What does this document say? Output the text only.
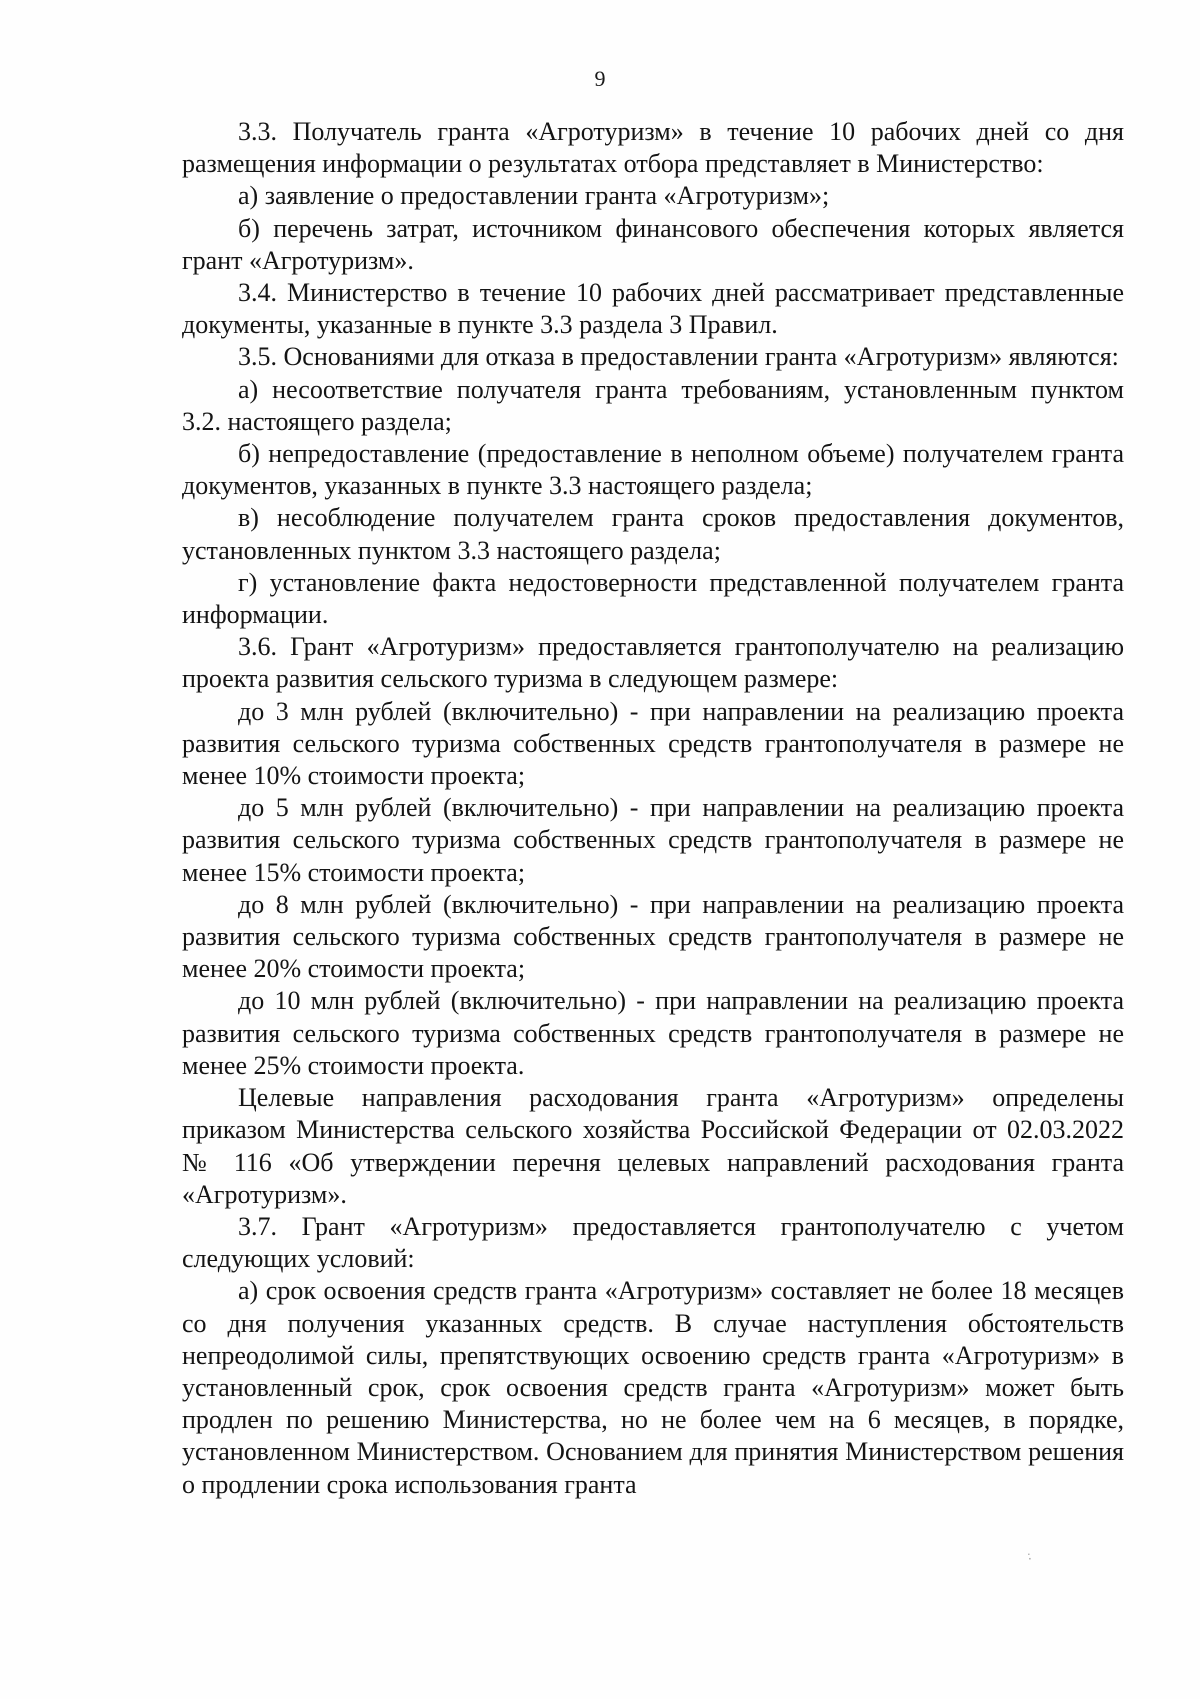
9

3.3. Получатель гранта «Агротуризм» в течение 10 рабочих дней со дня размещения информации о результатах отбора представляет в Министерство:

а) заявление о предоставлении гранта «Агротуризм»;

б) перечень затрат, источником финансового обеспечения которых является грант «Агротуризм».

3.4. Министерство в течение 10 рабочих дней рассматривает представленные документы, указанные в пункте 3.3 раздела 3 Правил.

3.5. Основаниями для отказа в предоставлении гранта «Агротуризм» являются:

а) несоответствие получателя гранта требованиям, установленным пунктом 3.2. настоящего раздела;

б) непредоставление (предоставление в неполном объеме) получателем гранта документов, указанных в пункте 3.3 настоящего раздела;

в) несоблюдение получателем гранта сроков предоставления документов, установленных пунктом 3.3 настоящего раздела;

г) установление факта недостоверности представленной получателем гранта информации.

3.6. Грант «Агротуризм» предоставляется грантополучателю на реализацию проекта развития сельского туризма в следующем размере:

до 3 млн рублей (включительно) - при направлении на реализацию проекта развития сельского туризма собственных средств грантополучателя в размере не менее 10% стоимости проекта;

до 5 млн рублей (включительно) - при направлении на реализацию проекта развития сельского туризма собственных средств грантополучателя в размере не менее 15% стоимости проекта;

до 8 млн рублей (включительно) - при направлении на реализацию проекта развития сельского туризма собственных средств грантополучателя в размере не менее 20% стоимости проекта;

до 10 млн рублей (включительно) - при направлении на реализацию проекта развития сельского туризма собственных средств грантополучателя в размере не менее 25% стоимости проекта.

Целевые направления расходования гранта «Агротуризм» определены приказом Министерства сельского хозяйства Российской Федерации от 02.03.2022 № 116 «Об утверждении перечня целевых направлений расходования гранта «Агротуризм».

3.7. Грант «Агротуризм» предоставляется грантополучателю с учетом следующих условий:

а) срок освоения средств гранта «Агротуризм» составляет не более 18 месяцев со дня получения указанных средств. В случае наступления обстоятельств непреодолимой силы, препятствующих освоению средств гранта «Агротуризм» в установленный срок, срок освоения средств гранта «Агротуризм» может быть продлен по решению Министерства, но не более чем на 6 месяцев, в порядке, установленном Министерством. Основанием для принятия Министерством решения о продлении срока использования гранта

·̇
